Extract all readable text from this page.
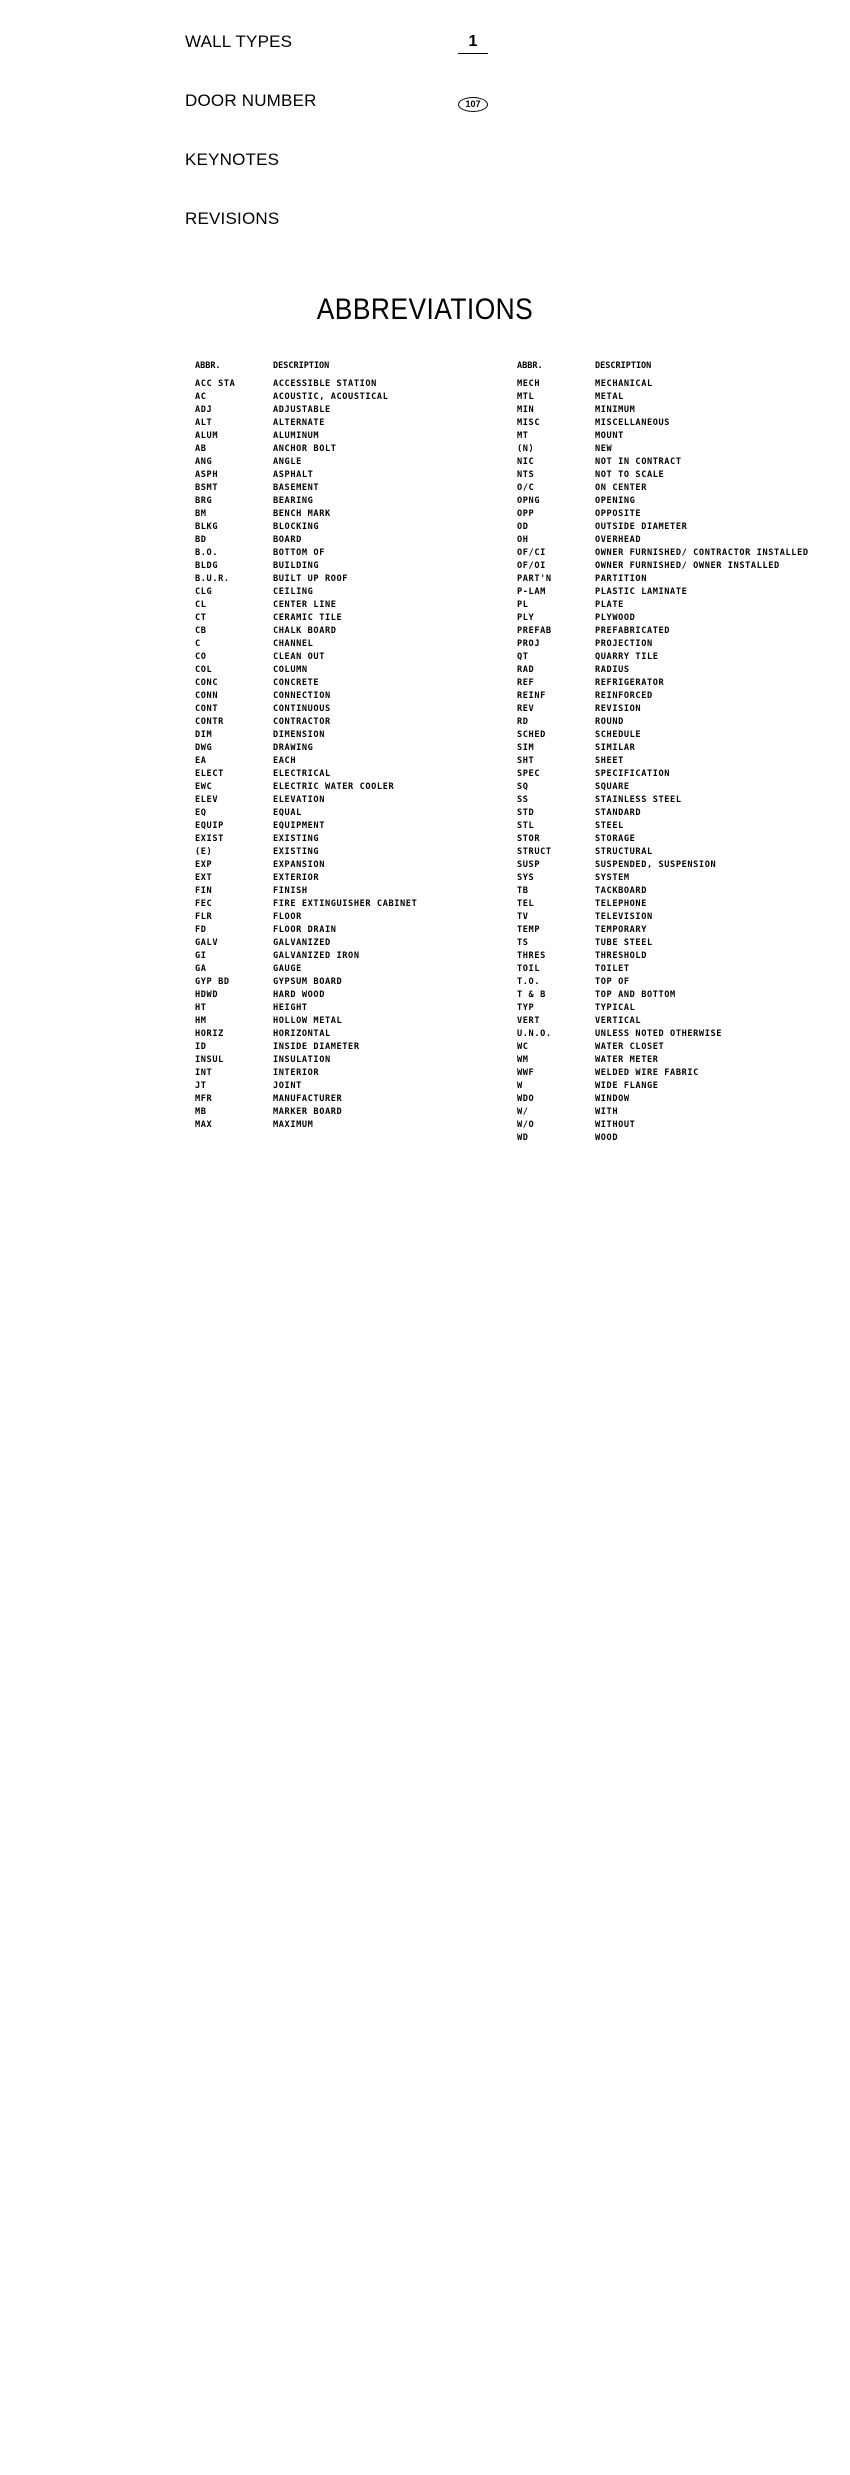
WALL TYPES
DOOR NUMBER
KEYNOTES
REVISIONS
1
107
ABBREVIATIONS
ABBR.	DESCRIPTION
ACC STA	ACCESSIBLE STATION
AC	ACOUSTIC, ACOUSTICAL
ADJ	ADJUSTABLE
ALT	ALTERNATE
ALUM	ALUMINUM
AB	ANCHOR BOLT
ANG	ANGLE
ASPH	ASPHALT
BSMT	BASEMENT
BRG	BEARING
BM	BENCH MARK
BLKG	BLOCKING
BD	BOARD
B.O.	BOTTOM OF
BLDG	BUILDING
B.U.R.	BUILT UP ROOF
CLG	CEILING
CL	CENTER LINE
CT	CERAMIC TILE
CB	CHALK BOARD
C	CHANNEL
CO	CLEAN OUT
COL	COLUMN
CONC	CONCRETE
CONN	CONNECTION
CONT	CONTINUOUS
CONTR	CONTRACTOR
DIM	DIMENSION
DWG	DRAWING
EA	EACH
ELECT	ELECTRICAL
EWC	ELECTRIC WATER COOLER
ELEV	ELEVATION
EQ	EQUAL
EQUIP	EQUIPMENT
EXIST	EXISTING
(E)	EXISTING
EXP	EXPANSION
EXT	EXTERIOR
FIN	FINISH
FEC	FIRE EXTINGUISHER CABINET
FLR	FLOOR
FD	FLOOR DRAIN
GALV	GALVANIZED
GI	GALVANIZED IRON
GA	GAUGE
GYP BD	GYPSUM BOARD
HDWD	HARD WOOD
HT	HEIGHT
HM	HOLLOW METAL
HORIZ	HORIZONTAL
ID	INSIDE DIAMETER
INSUL	INSULATION
INT	INTERIOR
JT	JOINT
MFR	MANUFACTURER
MB	MARKER BOARD
MAX	MAXIMUM
ABBR.	DESCRIPTION
MECH	MECHANICAL
MTL	METAL
MIN	MINIMUM
MISC	MISCELLANEOUS
MT	MOUNT
(N)	NEW
NIC	NOT IN CONTRACT
NTS	NOT TO SCALE
O/C	ON CENTER
OPNG	OPENING
OPP	OPPOSITE
OD	OUTSIDE DIAMETER
OH	OVERHEAD
OF/CI	OWNER FURNISHED/ CONTRACTOR INSTALLED
OF/OI	OWNER FURNISHED/ OWNER INSTALLED
PART'N	PARTITION
P-LAM	PLASTIC LAMINATE
PL	PLATE
PLY	PLYWOOD
PREFAB	PREFABRICATED
PROJ	PROJECTION
QT	QUARRY TILE
RAD	RADIUS
REF	REFRIGERATOR
REINF	REINFORCED
REV	REVISION
RD	ROUND
SCHED	SCHEDULE
SIM	SIMILAR
SHT	SHEET
SPEC	SPECIFICATION
SQ	SQUARE
SS	STAINLESS STEEL
STD	STANDARD
STL	STEEL
STOR	STORAGE
STRUCT	STRUCTURAL
SUSP	SUSPENDED, SUSPENSION
SYS	SYSTEM
TB	TACKBOARD
TEL	TELEPHONE
TV	TELEVISION
TEMP	TEMPORARY
TS	TUBE STEEL
THRES	THRESHOLD
TOIL	TOILET
T.O.	TOP OF
T & B	TOP AND BOTTOM
TYP	TYPICAL
VERT	VERTICAL
U.N.O.	UNLESS NOTED OTHERWISE
WC	WATER CLOSET
WM	WATER METER
WWF	WELDED WIRE FABRIC
W	WIDE FLANGE
WDO	WINDOW
W/	WITH
W/O	WITHOUT
WD	WOOD
